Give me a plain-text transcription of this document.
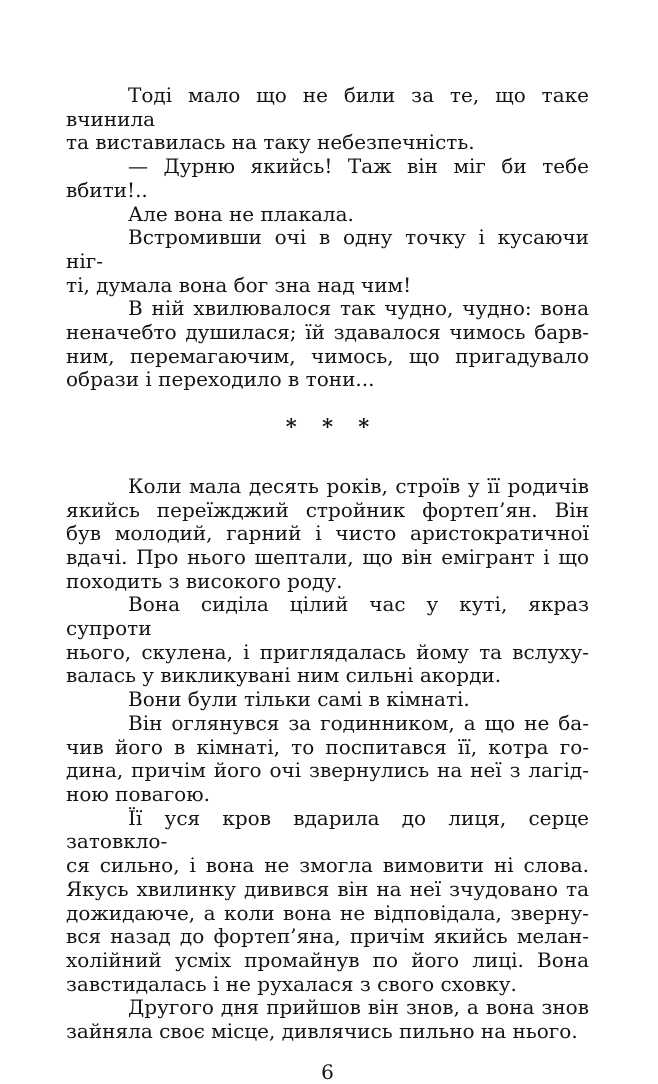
Тоді мало що не били за те, що таке вчинила
та виставилась на таку небезпечність.
— Дурню якийсь! Таж він міг би тебе вбити!..
Але вона не плакала.
Встромивши очі в одну точку і кусаючи ніг-
ті, думала вона бог зна над чим!
В ній хвилювалося так чудно, чудно: вона
неначебто душилася; їй здавалося чимось барв-
ним, перемагаючим, чимось, що пригадувало
образи і переходило в тони...
* * *
Коли мала десять років, строїв у її родичів
якийсь переїжджий стройник фортеп’ян. Він
був молодий, гарний і чисто аристократичної
вдачі. Про нього шептали, що він емігрант і що
походить з високого роду.
Вона сиділа цілий час у куті, якраз супроти
нього, скулена, і приглядалась йому та вслуху-
валась у викликувані ним сильні акорди.
Вони були тільки самі в кімнаті.
Він оглянувся за годинником, а що не ба-
чив його в кімнаті, то поспитався її, котра го-
дина, причім його очі звернулись на неї з лагід-
ною повагою.
Її уся кров вдарила до лиця, серце затовкло-
ся сильно, і вона не змогла вимовити ні слова.
Якусь хвилинку дивився він на неї зчудовано та
дожидаюче, а коли вона не відповідала, зверну-
вся назад до фортеп’яна, причім якийсь мелан-
холійний усміх промайнув по його лиці. Вона
завстидалась і не рухалася з свого сховку.
Другого дня прийшов він знов, а вона знов
зайняла своє місце, дивлячись пильно на нього.
6
